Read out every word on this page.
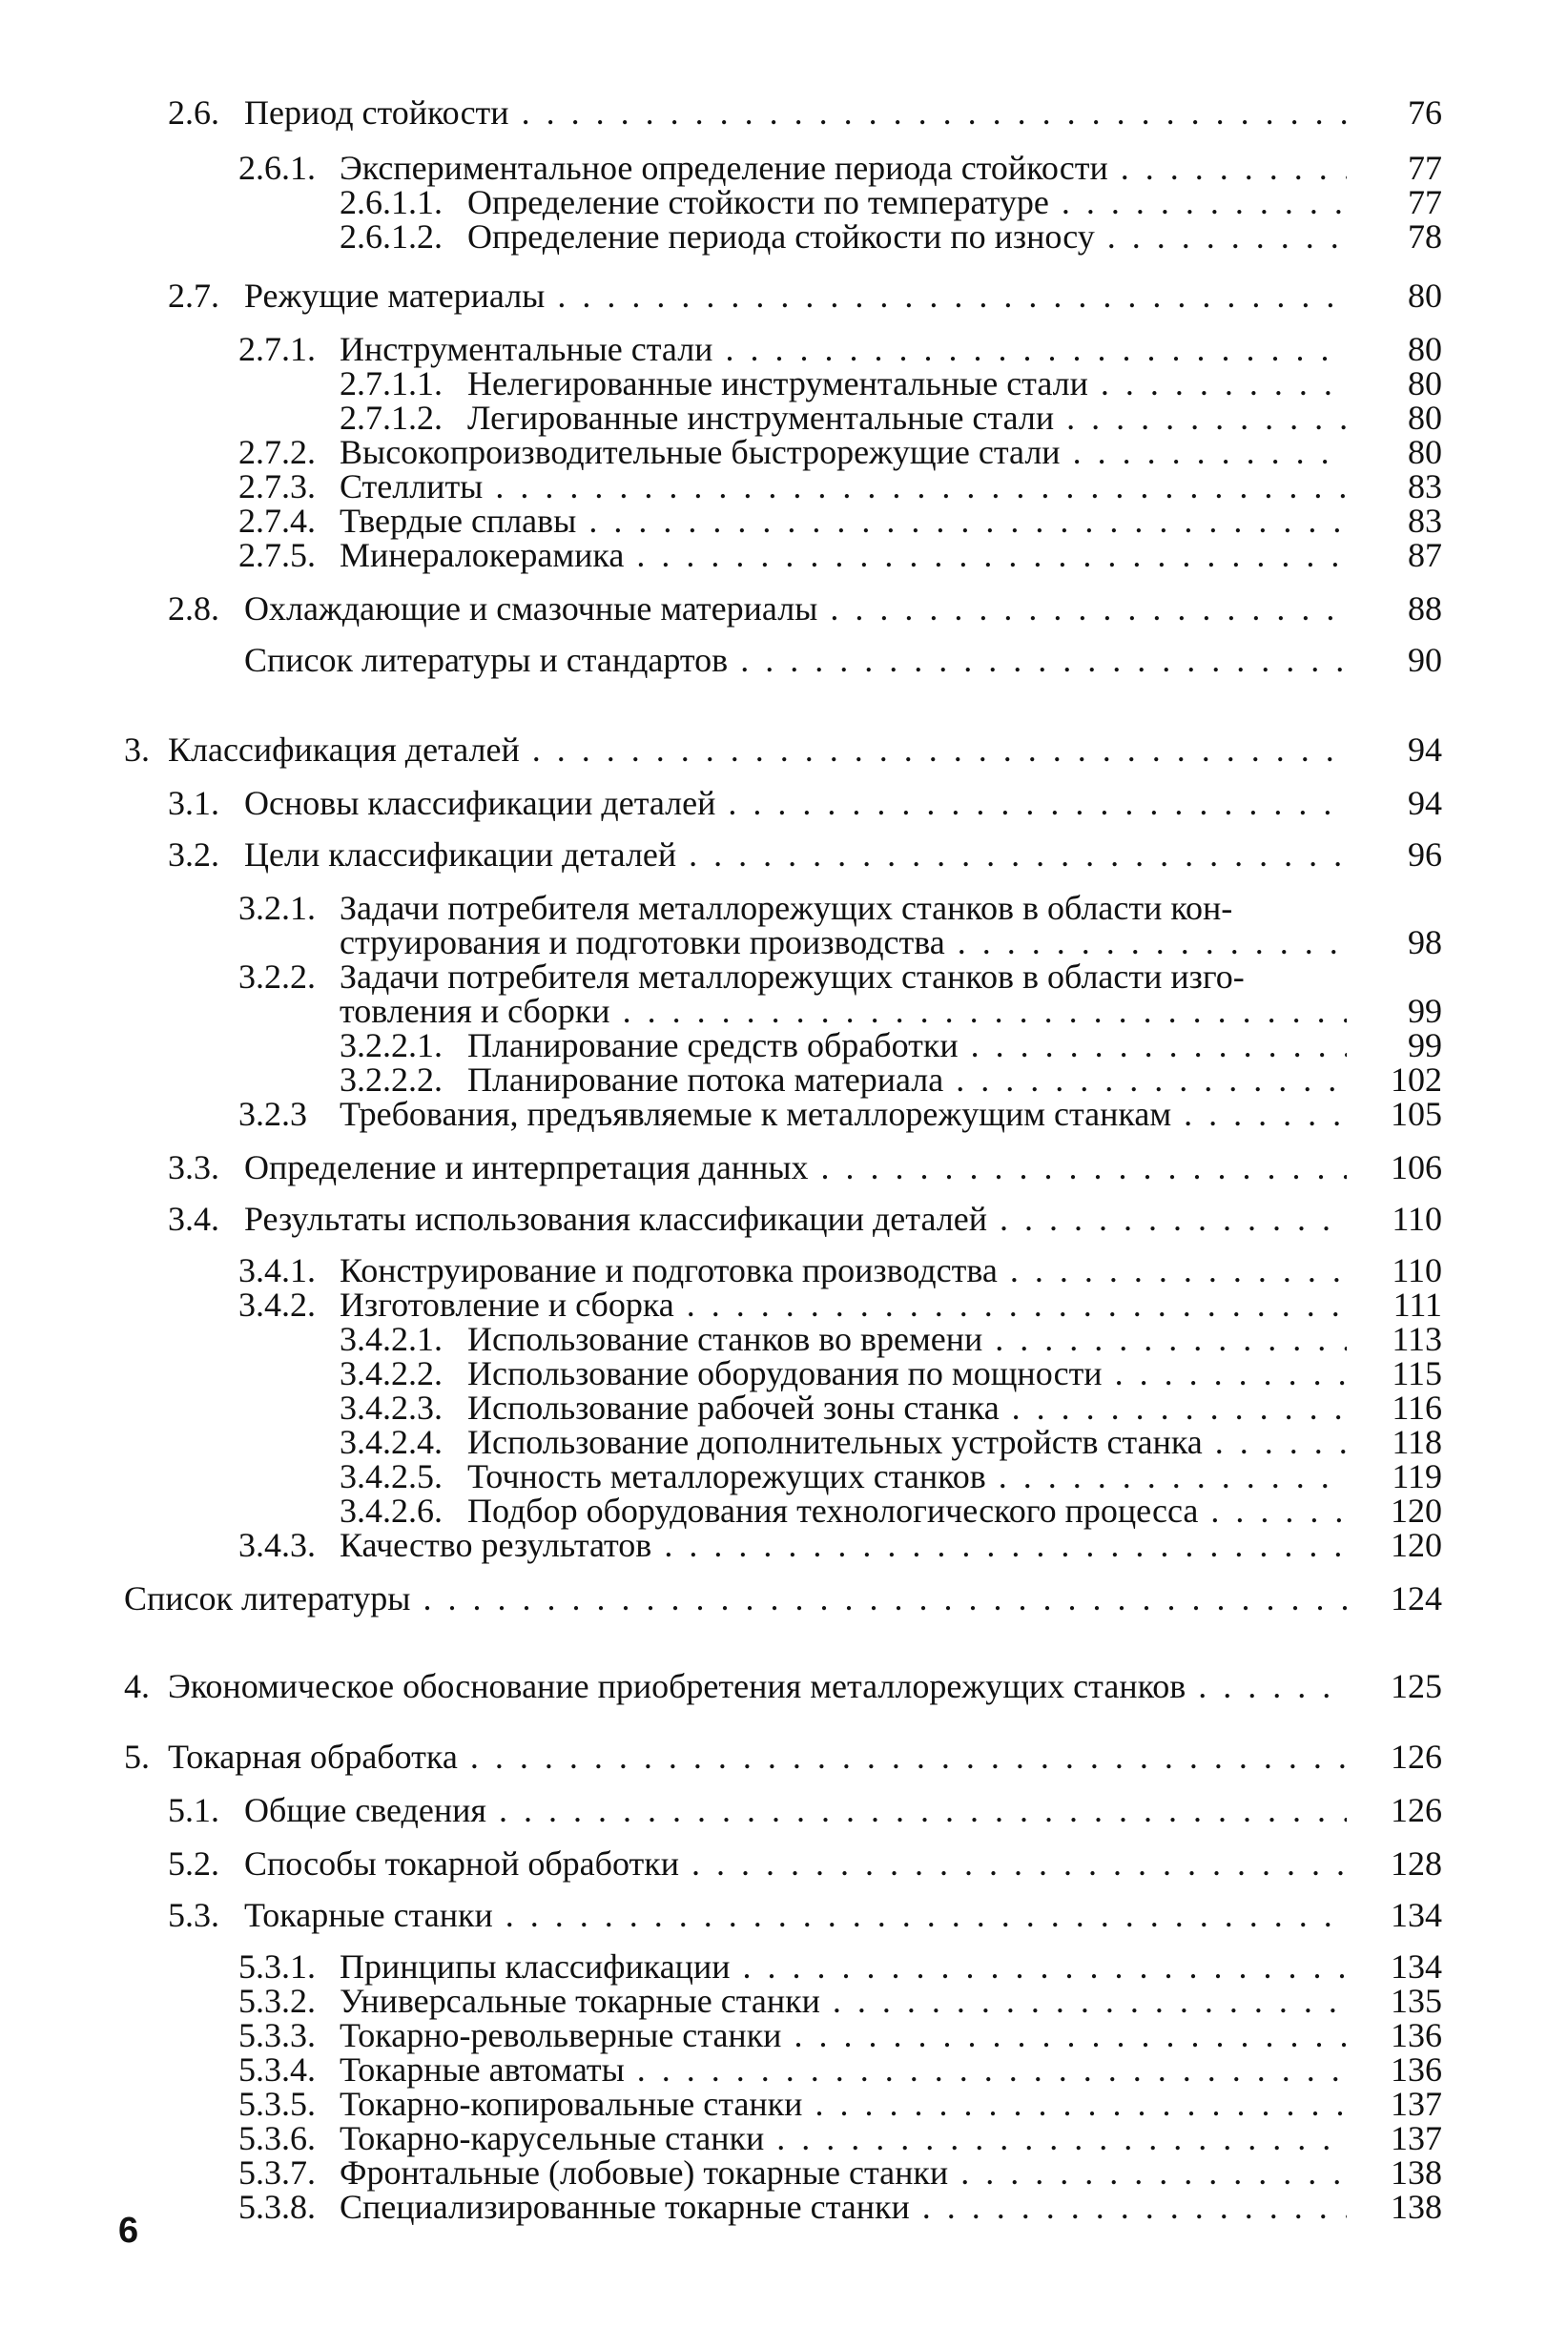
2.6. Период стойкости . . .	76
2.6.1. Экспериментальное определение периода стойкости . . .	77
2.6.1.1. Определение стойкости по температуре . . .	77
2.6.1.2. Определение периода стойкости по износу . . .	78
2.7. Режущие материалы . . .	80
2.7.1. Инструментальные стали . . .	80
2.7.1.1. Нелегированные инструментальные стали . . .	80
2.7.1.2. Легированные инструментальные стали . . .	80
2.7.2. Высокопроизводительные быстрорежущие стали . . .	80
2.7.3. Стеллиты . . .	83
2.7.4. Твердые сплавы . . .	83
2.7.5. Минералокерамика . . .	87
2.8. Охлаждающие и смазочные материалы . . .	88
Список литературы и стандартов . . .	90
3. Классификация деталей . . .	94
3.1. Основы классификации деталей . . .	94
3.2. Цели классификации деталей . . .	96
3.2.1. Задачи потребителя металлорежущих станков в области кон-
струирования и подготовки производства . . .	98
3.2.2. Задачи потребителя металлорежущих станков в области изго-
товления и сборки . . .	99
3.2.2.1. Планирование средств обработки . . .	99
3.2.2.2. Планирование потока материала . . .	102
3.2.3 Требования, предъявляемые к металлорежущим станкам . . .	105
3.3. Определение и интерпретация данных . . .	106
3.4. Результаты использования классификации деталей . . .	110
3.4.1. Конструирование и подготовка производства . . .	110
3.4.2. Изготовление и сборка . . .	111
3.4.2.1. Использование станков во времени . . .	113
3.4.2.2. Использование оборудования по мощности . . .	115
3.4.2.3. Использование рабочей зоны станка . . .	116
3.4.2.4. Использование дополнительных устройств станка . . .	118
3.4.2.5. Точность металлорежущих станков . . .	119
3.4.2.6. Подбор оборудования технологического процесса . . .	120
3.4.3. Качество результатов . . .	120
Список литературы . . .	124
4. Экономическое обоснование приобретения металлорежущих станков . . .	125
5. Токарная обработка . . .	126
5.1. Общие сведения . . .	126
5.2. Способы токарной обработки . . .	128
5.3. Токарные станки . . .	134
5.3.1. Принципы классификации . . .	134
5.3.2. Универсальные токарные станки . . .	135
5.3.3. Токарно-револьверные станки . . .	136
5.3.4. Токарные автоматы . . .	136
5.3.5. Токарно-копировальные станки . . .	137
5.3.6. Токарно-карусельные станки . . .	137
5.3.7. Фронтальные (лобовые) токарные станки . . .	138
5.3.8. Специализированные токарные станки . . .	138
6
